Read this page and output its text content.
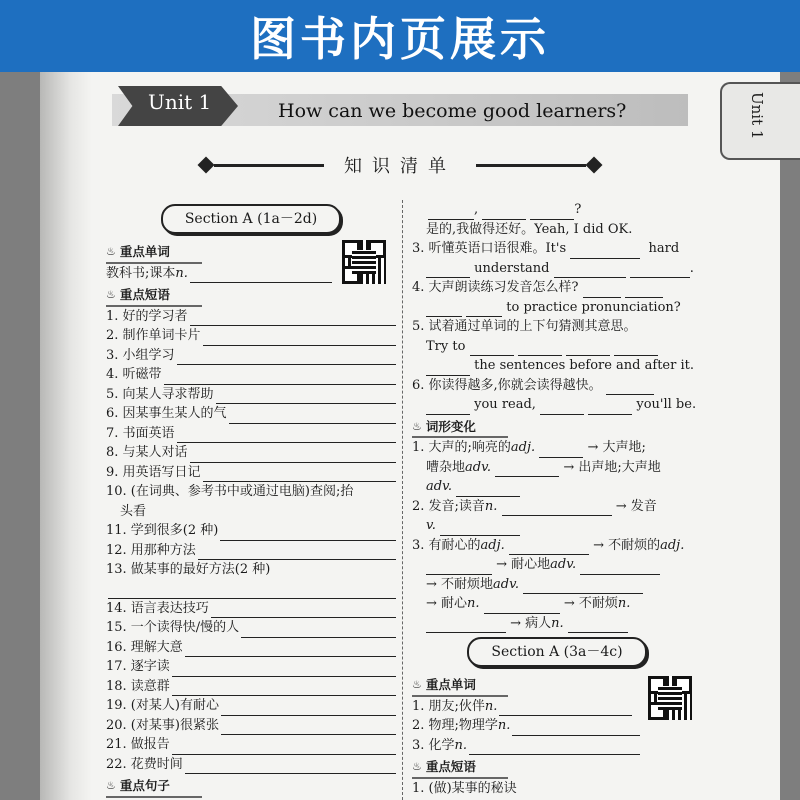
图书内页展示
Unit 1
Unit 1	How can we become good learners?
知识清单
Section A (1a－2d)
♨ 重点单词
教科书;课本 n.
♨ 重点短语
1. 好的学习者
2. 制作单词卡片
3. 小组学习
4. 听磁带
5. 向某人寻求帮助
6. 因某事生某人的气
7. 书面英语
8. 与某人对话
9. 用英语写日记
10. (在词典、参考书中或通过电脑)查阅;抬
头看
11. 学到很多(2 种)
12. 用那种方法
13. 做某事的最好方法(2 种)
14. 语言表达技巧
15. 一个读得快/慢的人
16. 理解大意
17. 逐字读
18. 读意群
19. (对某人)有耐心
20. (对某事)很紧张
21. 做报告
22. 花费时间
♨ 重点句子
,
	?
是的,我做得还好。Yeah, I did OK.
3. 听懂英语口语很难。It's

	hard

understand

	.
4. 大声朗读练习发音怎么样?

to practice pronunciation?
5. 试着通过单词的上下句猜测其意思。
Try to

the sentences before and after it.
6. 你读得越多,你就会读得越快。

you read,

	you'll be.
♨ 词形变化
1. 大声的;响亮的 adj.

	→ 大声地;
嘈杂地 adv.

	→ 出声地;大声地
adv.

2. 发音;读音 n.

	→ 发音
v.

3. 有耐心的 adj.

	→ 不耐烦的 adj.

→ 耐心地 adv.

→ 不耐烦地 adv.

→ 耐心 n.

	→ 不耐烦 n.

→ 病人 n.

Section A (3a－4c)
♨ 重点单词
1. 朋友;伙伴 n.
2. 物理;物理学 n.
3. 化学 n.
♨ 重点短语
1. (做)某事的秘诀
